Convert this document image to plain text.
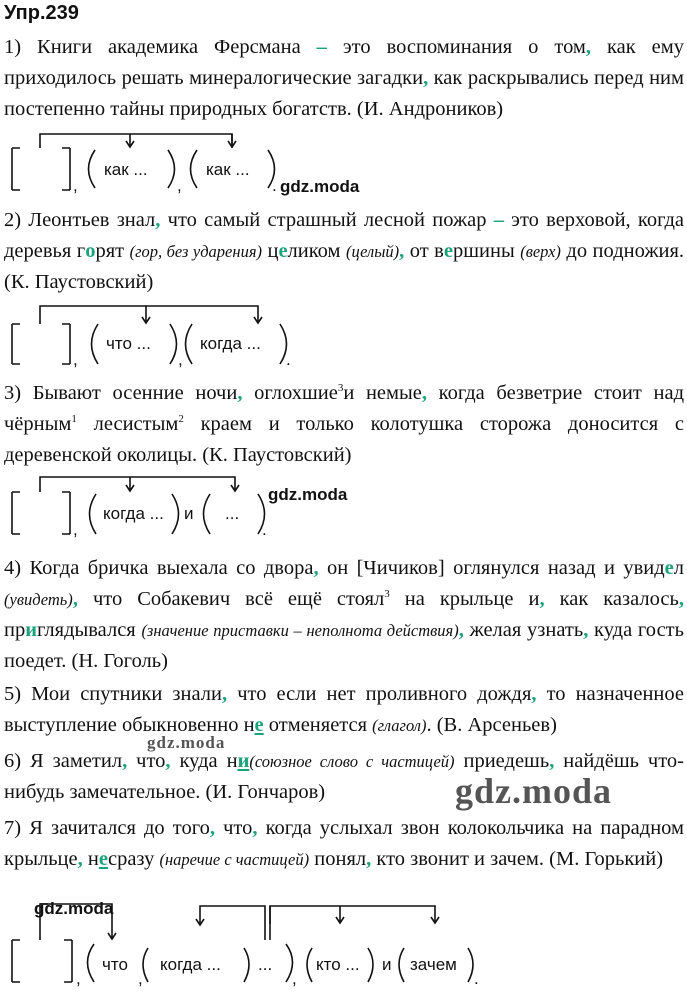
Упр.239

1) Книги академика Ферсмана – это воспоминания о том, как ему приходилось решать минералогические загадки, как раскрывались перед ним постепенно тайны природных богатств. (И. Андроников)

,
как ...
,
как ...
. gdz.moda

2) Леонтьев знал, что самый страшный лесной пожар – это верховой, когда деревья горят (гор, без ударения) целиком (целый), от вершины (верх) до подножия. (К. Паустовский)

,
что ...
,
когда ...
.

3) Бывают осенние ночи, оглохшие$^3$и немые, когда безветрие стоит над чёрным$^1$ лесистым$^2$ краем и только колотушка сторожа доносится с деревенской околицы. (К. Паустовский)

,
когда ... и ...
.
gdz.moda

4) Когда бричка выехала со двора, он [Чичиков] оглянулся назад и увидел (увидеть), что Собакевич всё ещё стоял$^3$ на крыльце и, как казалось, приглядывался (значение приставки – неполнота действия), желая узнать, куда гость поедет. (Н. Гоголь)

5) Мои спутники знали, что если нет проливного дождя, то назначенное выступление обыкновенно не отменяется (глагол). (В. Арсеньев)

gdz.moda

6) Я заметил, что, куда ни(союзное слово с частицей) приедешь, найдёшь что-нибудь замечательное. (И. Гончаров)	gdz.moda

7) Я зачитался до того, что, когда услыхал звон колокольчика на парадном крыльце, несразу (наречие с частицей) понял, кто звонит и зачем. (М. Горький)

gdz.moda
,
что
,
когда ... ...
,
кто ... и зачем
.
